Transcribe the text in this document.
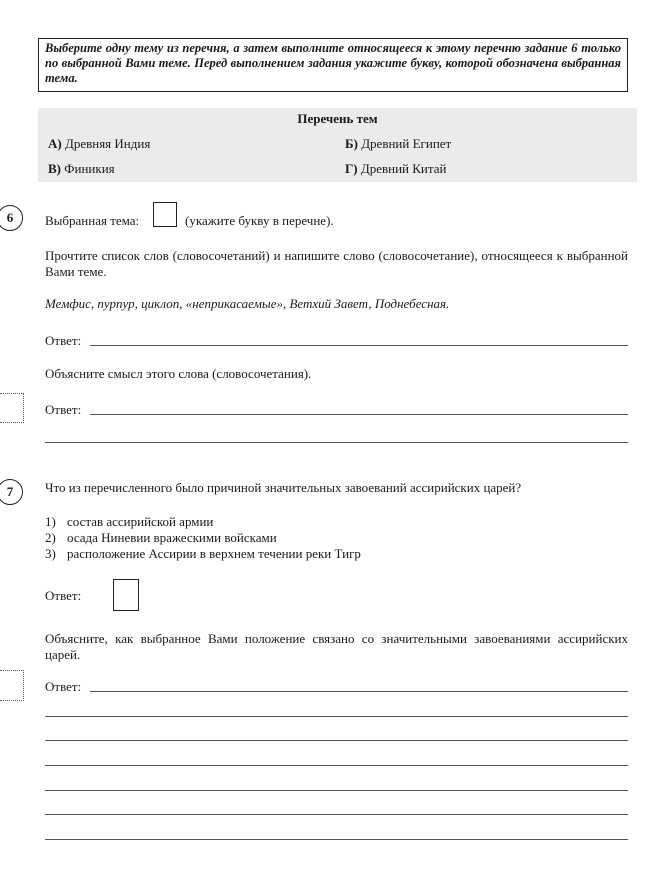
Выберите одну тему из перечня, а затем выполните относящееся к этому перечню задание 6 только по выбранной Вами теме. Перед выполнением задания укажите букву, которой обозначена выбранная тема.
Перечень тем
А) Древняя Индия	Б) Древний Египет
В) Финикия	Г) Древний Китай
6	Выбранная тема:	(укажите букву в перечне).
Прочтите список слов (словосочетаний) и напишите слово (словосочетание), относящееся к выбранной Вами теме.
Мемфис, пурпур, циклоп, «неприкасаемые», Ветхий Завет, Поднебесная.
Ответ:
Объясните смысл этого слова (словосочетания).
Ответ:
7	Что из перечисленного было причиной значительных завоеваний ассирийских царей?
1) состав ассирийской армии
2) осада Ниневии вражескими войсками
3) расположение Ассирии в верхнем течении реки Тигр
Ответ:
Объясните, как выбранное Вами положение связано со значительными завоеваниями ассирийских царей.
Ответ:
